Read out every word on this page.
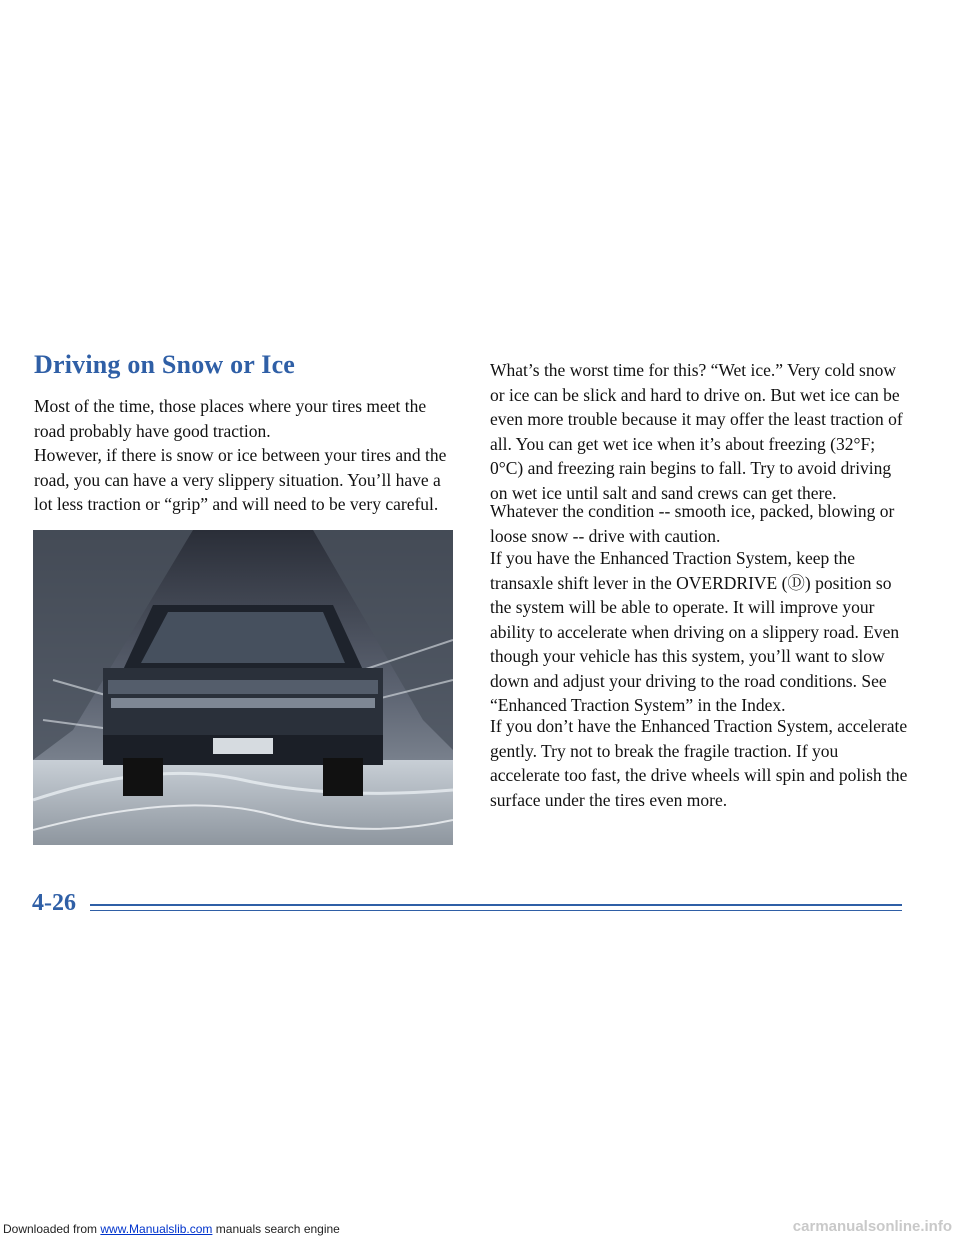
Driving on Snow or Ice

Most of the time, those places where your tires meet the road probably have good traction.

However, if there is snow or ice between your tires and the road, you can have a very slippery situation. You’ll have a lot less traction or “grip” and will need to be very careful.

What’s the worst time for this? “Wet ice.” Very cold snow or ice can be slick and hard to drive on. But wet ice can be even more trouble because it may offer the least traction of all. You can get wet ice when it’s about freezing (32°F; 0°C) and freezing rain begins to fall. Try to avoid driving on wet ice until salt and sand crews can get there.

Whatever the condition -- smooth ice, packed, blowing or loose snow -- drive with caution.

If you have the Enhanced Traction System, keep the transaxle shift lever in the OVERDRIVE (Ⓓ) position so the system will be able to operate. It will improve your ability to accelerate when driving on a slippery road. Even though your vehicle has this system, you’ll want to slow down and adjust your driving to the road conditions. See “Enhanced Traction System” in the Index.

If you don’t have the Enhanced Traction System, accelerate gently. Try not to break the fragile traction. If you accelerate too fast, the drive wheels will spin and polish the surface under the tires even more.

4-26
Downloaded from www.Manualslib.com manuals search engine	carmanualsonline.info
